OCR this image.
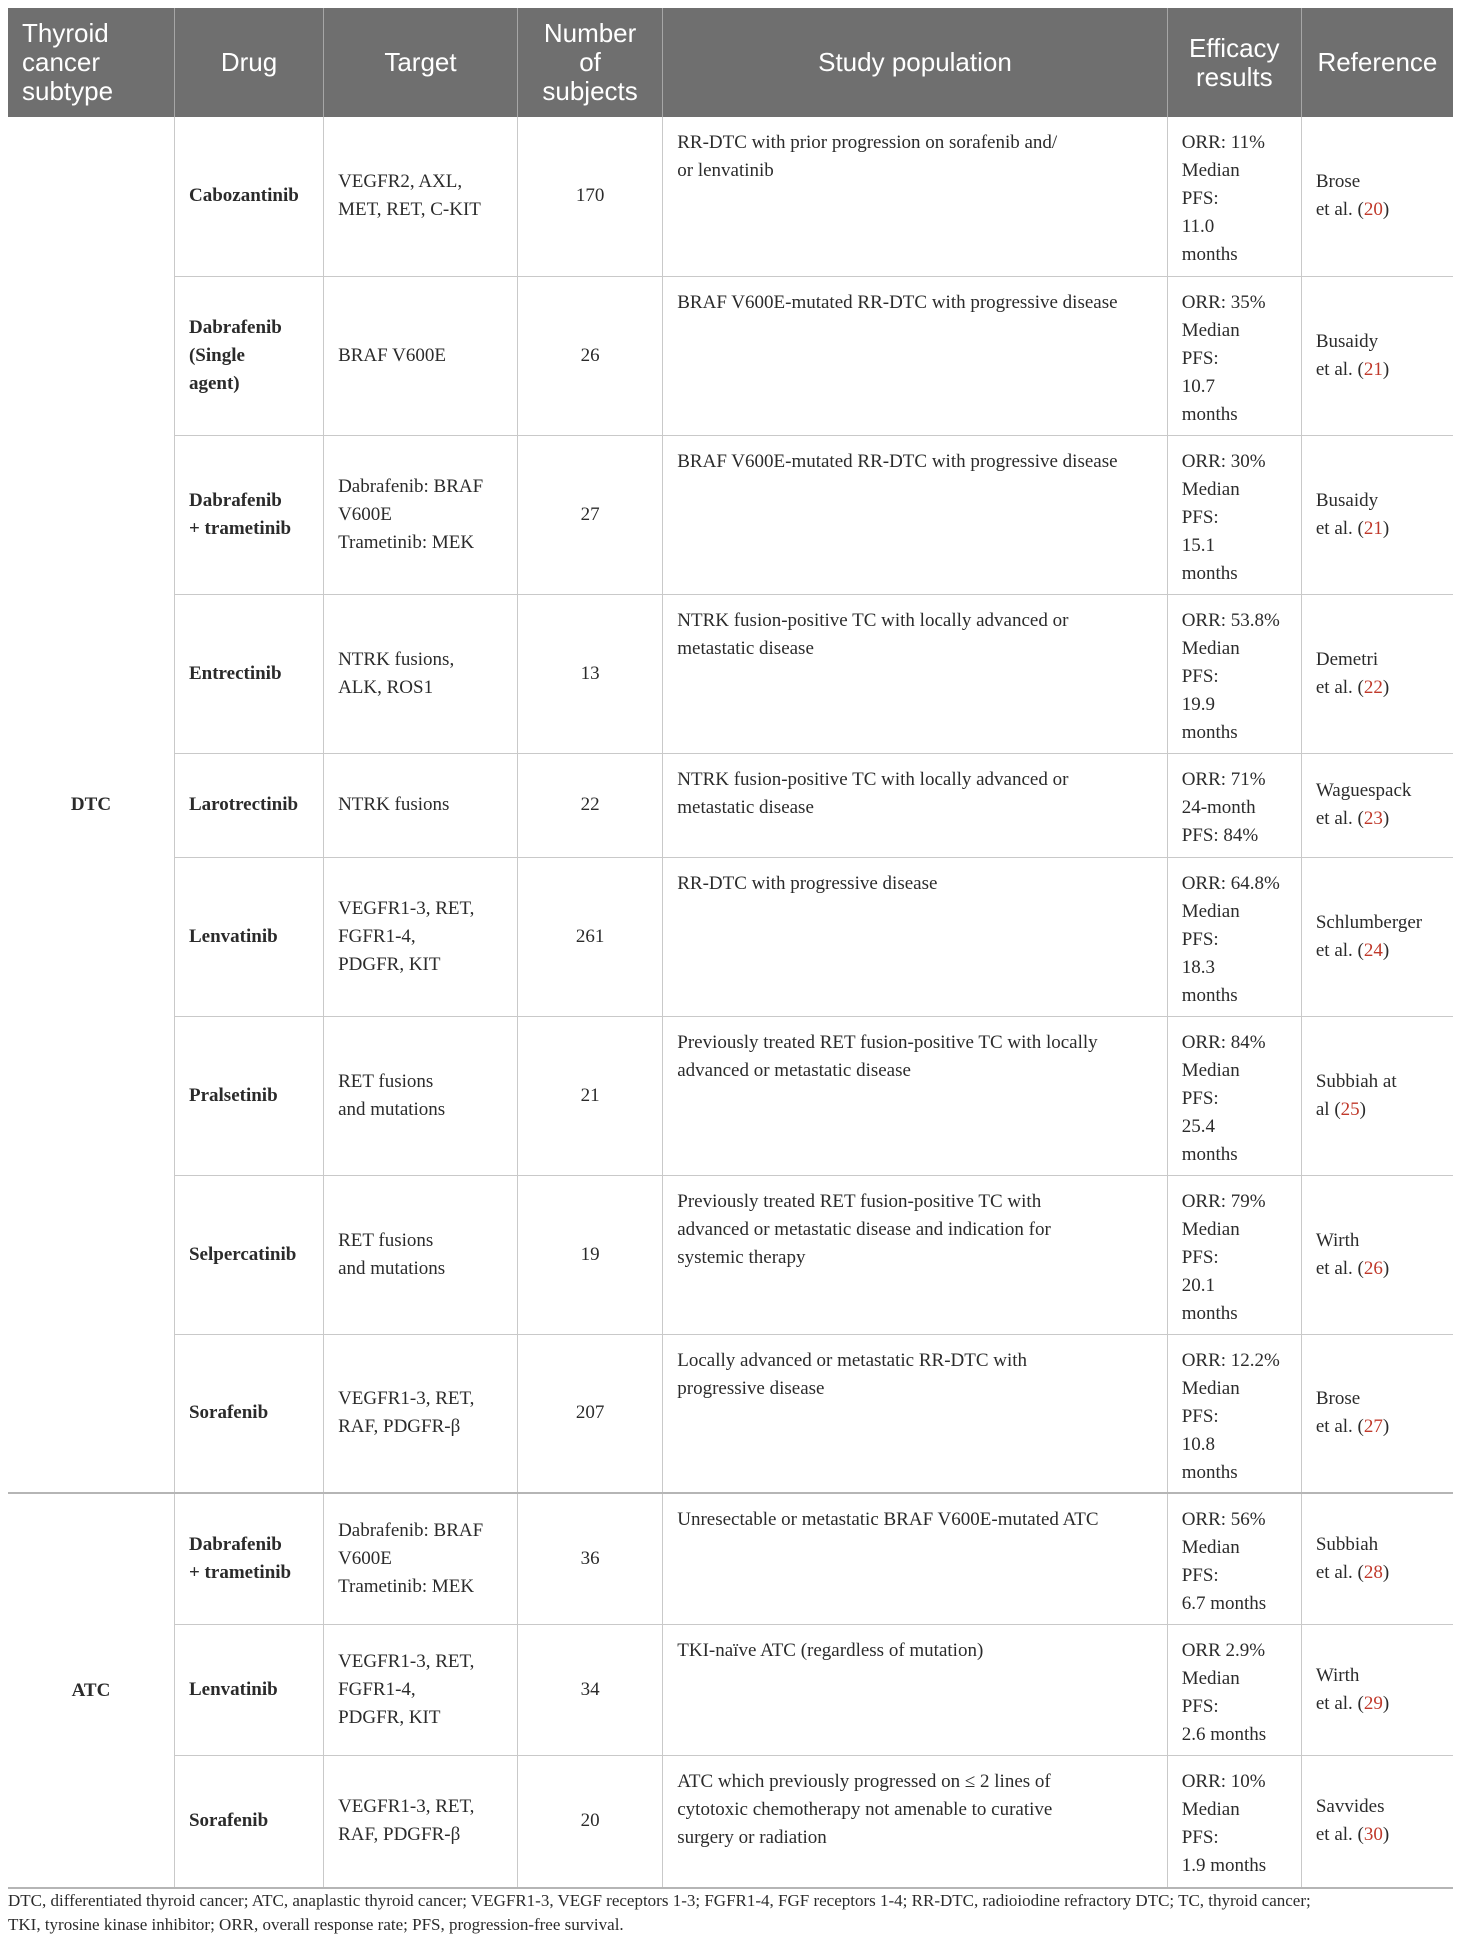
Thyroid
cancer
subtype	Drug	Target	Number
of
subjects	Study population	Efficacy
results	Reference
DTC	Cabozantinib	VEGFR2, AXL,
MET, RET, C-KIT	170	RR-DTC with prior progression on sorafenib and/
or lenvatinib	ORR: 11%
Median
PFS:
11.0
months	Brose
et al. (20)

	Dabrafenib
(Single
agent)	BRAF V600E	26	BRAF V600E-mutated RR-DTC with progressive disease	ORR: 35%
Median
PFS:
10.7
months	Busaidy
et al. (21)

	Dabrafenib
+ trametinib	Dabrafenib: BRAF
V600E
Trametinib: MEK	27	BRAF V600E-mutated RR-DTC with progressive disease	ORR: 30%
Median
PFS:
15.1
months	Busaidy
et al. (21)

	Entrectinib	NTRK fusions,
ALK, ROS1	13	NTRK fusion-positive TC with locally advanced or
metastatic disease	ORR: 53.8%
Median
PFS:
19.9
months	Demetri
et al. (22)

	Larotrectinib	NTRK fusions	22	NTRK fusion-positive TC with locally advanced or
metastatic disease	ORR: 71%
24-month
PFS: 84%	Waguespack
et al. (23)

	Lenvatinib	VEGFR1-3, RET,
FGFR1-4,
PDGFR, KIT	261	RR-DTC with progressive disease	ORR: 64.8%
Median
PFS:
18.3
months	Schlumberger
et al. (24)

	Pralsetinib	RET fusions
and mutations	21	Previously treated RET fusion-positive TC with locally
advanced or metastatic disease	ORR: 84%
Median
PFS:
25.4
months	Subbiah at
al (25)

	Selpercatinib	RET fusions
and mutations	19	Previously treated RET fusion-positive TC with
advanced or metastatic disease and indication for
systemic therapy	ORR: 79%
Median
PFS:
20.1
months	Wirth
et al. (26)

	Sorafenib	VEGFR1-3, RET,
RAF, PDGFR-β	207	Locally advanced or metastatic RR-DTC with
progressive disease	ORR: 12.2%
Median
PFS:
10.8
months	Brose
et al. (27)

ATC	Dabrafenib
+ trametinib	Dabrafenib: BRAF
V600E
Trametinib: MEK	36	Unresectable or metastatic BRAF V600E-mutated ATC	ORR: 56%
Median
PFS:
6.7 months	Subbiah
et al. (28)

	Lenvatinib	VEGFR1-3, RET,
FGFR1-4,
PDGFR, KIT	34	TKI-naïve ATC (regardless of mutation)	ORR 2.9%
Median
PFS:
2.6 months	Wirth
et al. (29)

	Sorafenib	VEGFR1-3, RET,
RAF, PDGFR-β	20	ATC which previously progressed on ≤ 2 lines of
cytotoxic chemotherapy not amenable to curative
surgery or radiation	ORR: 10%
Median
PFS:
1.9 months	Savvides
et al. (30)
DTC, differentiated thyroid cancer; ATC, anaplastic thyroid cancer; VEGFR1-3, VEGF receptors 1-3; FGFR1-4, FGF receptors 1-4; RR-DTC, radioiodine refractory DTC; TC, thyroid cancer;
TKI, tyrosine kinase inhibitor; ORR, overall response rate; PFS, progression-free survival.
